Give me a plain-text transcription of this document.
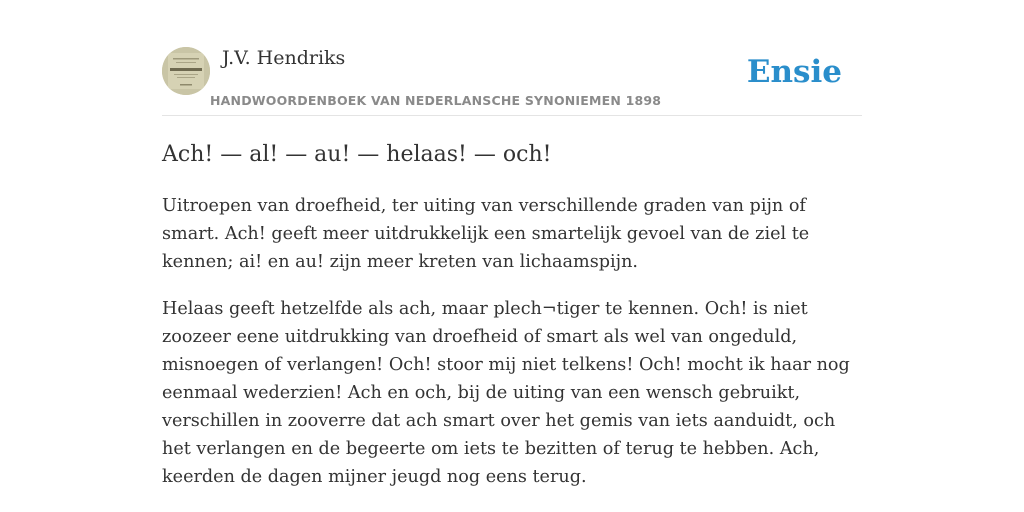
J.V. Hendriks
HANDWOORDENBOEK VAN NEDERLANSCHE SYNONIEMEN 1898
Ensie
Ach! — al! — au! — helaas! — och!

Uitroepen van droefheid, ter uiting van verschillende graden van pijn of smart. Ach! geeft meer uitdrukkelijk een smartelijk gevoel van de ziel te kennen; ai! en au! zijn meer kreten van lichaamspijn.

Helaas geeft hetzelfde als ach, maar plech¬tiger te kennen. Och! is niet zoozeer eene uitdrukking van droefheid of smart als wel van ongeduld, misnoegen of verlangen! Och! stoor mij niet telkens! Och! mocht ik haar nog eenmaal wederzien! Ach en och, bij de uiting van een wensch gebruikt, verschillen in zooverre dat ach smart over het gemis van iets aanduidt, och het verlangen en de begeerte om iets te bezitten of terug te hebben. Ach, keerden de dagen mijner jeugd nog eens terug.
